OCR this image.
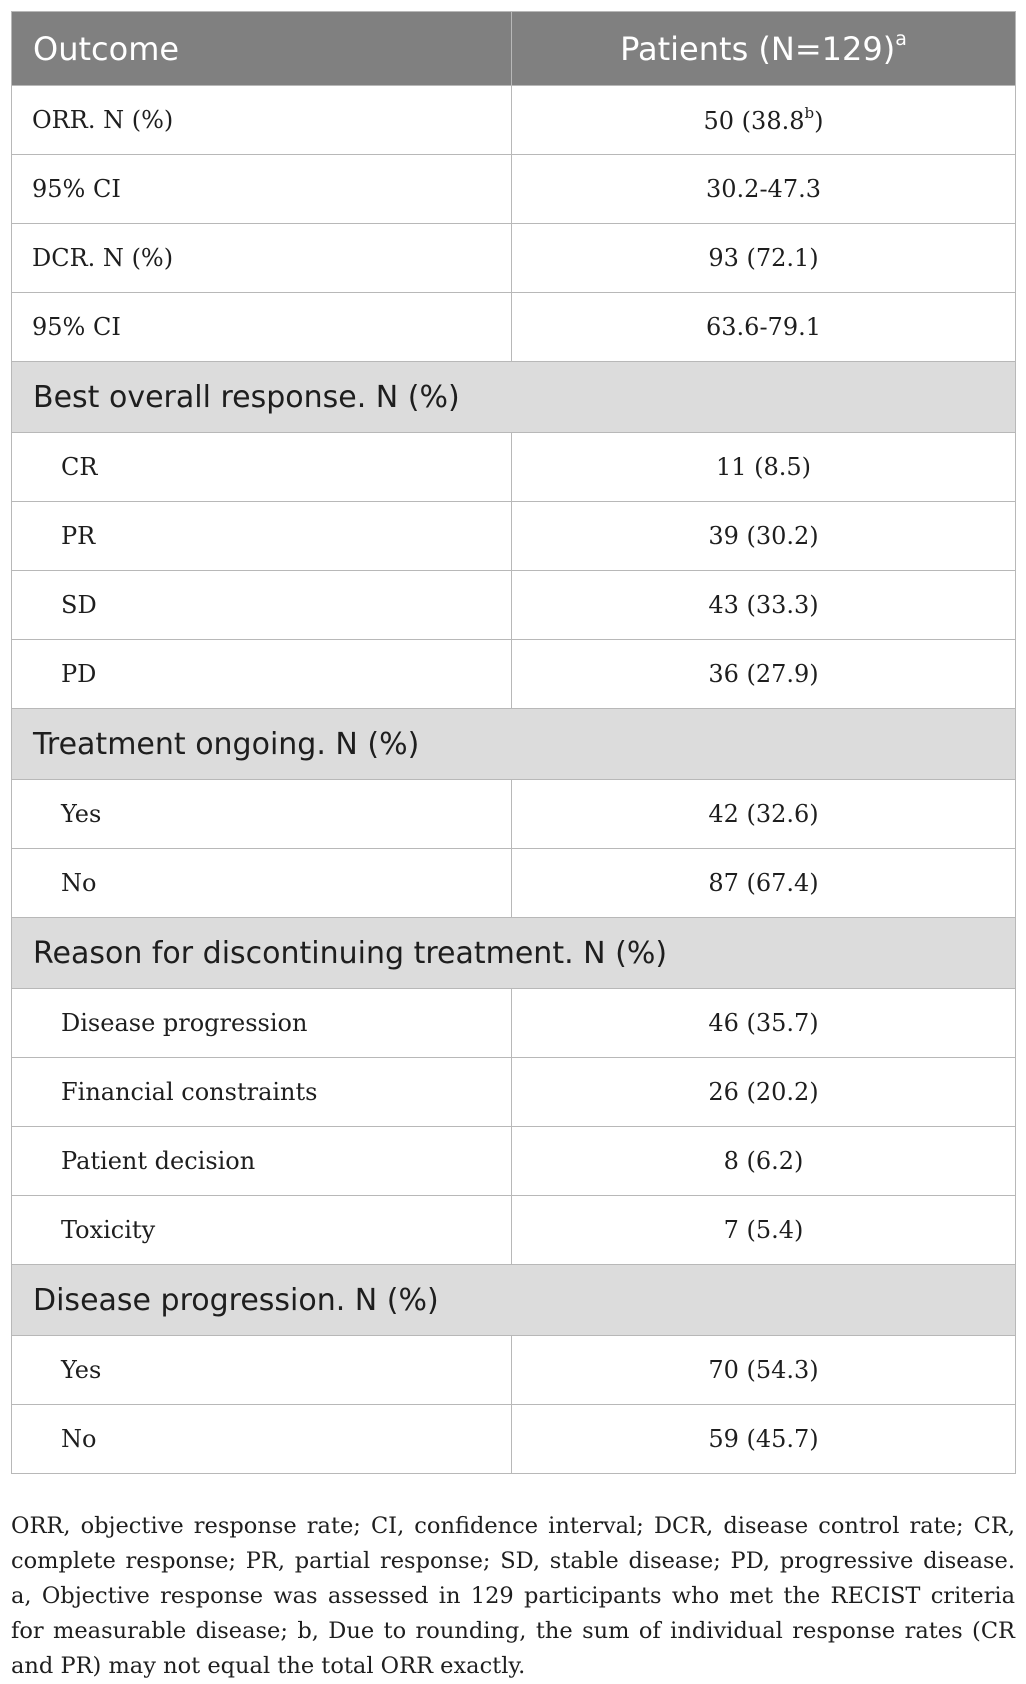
Outcome	Patients (N=129)$^a$
ORR. N (%)	50 (38.8$^b$)
95% CI	30.2-47.3
DCR. N (%)	93 (72.1)
95% CI	63.6-79.1
Best overall response. N (%)	
CR	11 (8.5)
PR	39 (30.2)
SD	43 (33.3)
PD	36 (27.9)
Treatment ongoing. N (%)	
Yes	42 (32.6)
No	87 (67.4)
Reason for discontinuing treatment. N (%)	
Disease progression	46 (35.7)
Financial constraints	26 (20.2)
Patient decision	8 (6.2)
Toxicity	7 (5.4)
Disease progression. N (%)	
Yes	70 (54.3)
No	59 (45.7)

ORR, objective response rate; CI, confidence interval; DCR, disease control rate; CR, complete response; PR, partial response; SD, stable disease; PD, progressive disease. a, Objective response was assessed in 129 participants who met the RECIST criteria for measurable disease; b, Due to rounding, the sum of individual response rates (CR and PR) may not equal the total ORR exactly.
